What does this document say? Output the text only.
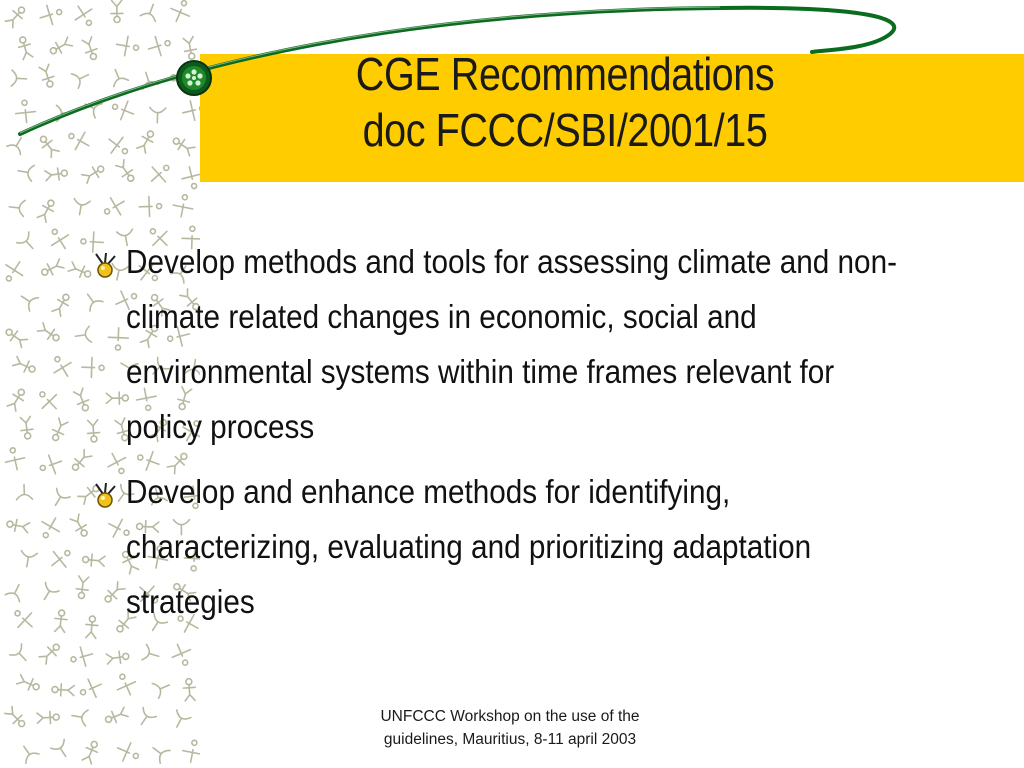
CGE Recommendations
doc FCCC/SBI/2001/15
Develop methods and tools for assessing climate and non-climate related changes in economic, social and environmental systems within time frames relevant for policy process
Develop and enhance methods for identifying, characterizing, evaluating and prioritizing adaptation strategies
UNFCCC Workshop on the use of the
guidelines, Mauritius, 8-11 april 2003
